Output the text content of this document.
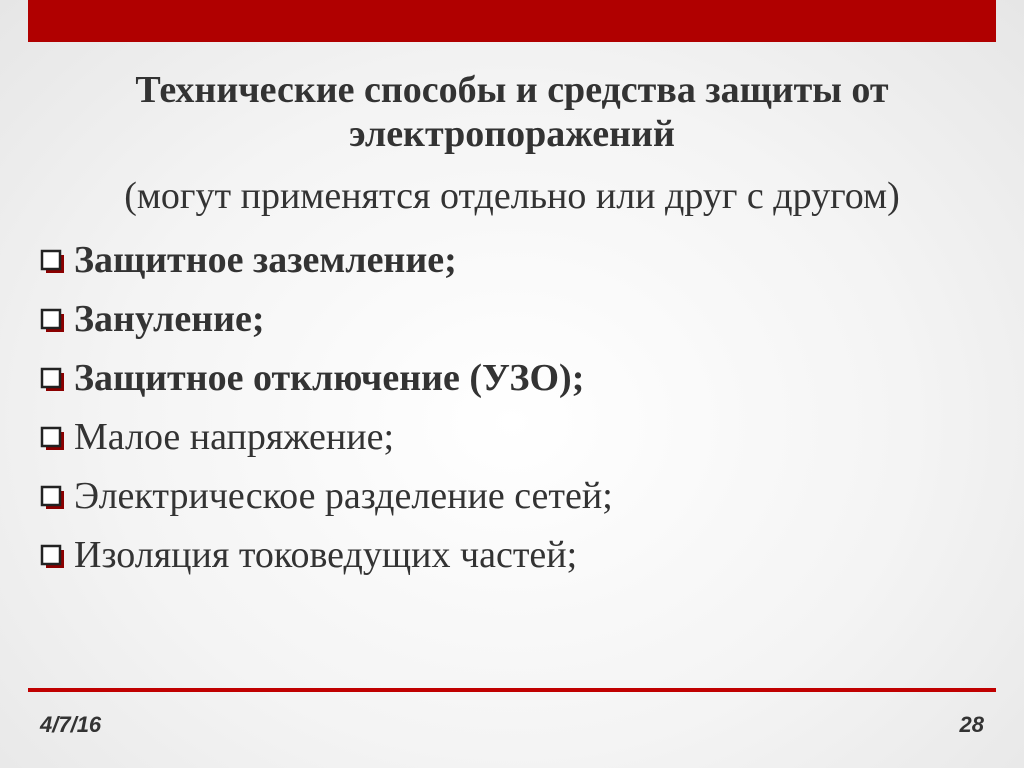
Технические способы и средства защиты от электропоражений
(могут применятся отдельно или друг с другом)
Защитное заземление;
Зануление;
Защитное отключение (УЗО);
Малое напряжение;
Электрическое разделение сетей;
Изоляция токоведущих частей;
4/7/16	28
